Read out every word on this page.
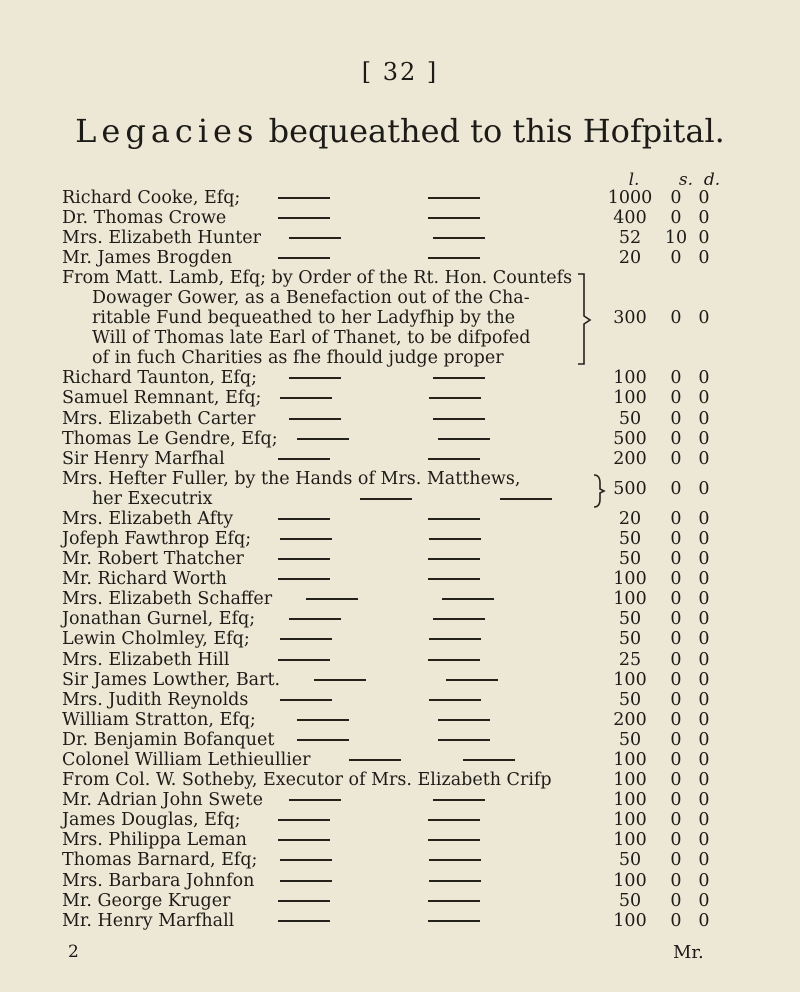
[ 32 ]
Legacies bequeathed to this Hofpital.
l. s. d.
Richard Cooke, Efq;	1000	0 0
Dr. Thomas Crowe	400	0 0
Mrs. Elizabeth Hunter	52	10 0
Mr. James Brogden	20	0 0
From Matt. Lamb, Efq; by Order of the Rt. Hon. Countefs
Dowager Gower, as a Benefaction out of the Cha-
ritable Fund bequeathed to her Ladyfhip by the	300	0 0
Will of Thomas late Earl of Thanet, to be difpofed
of in fuch Charities as fhe fhould judge proper
Richard Taunton, Efq;	100	0 0
Samuel Remnant, Efq;	100	0 0
Mrs. Elizabeth Carter	50	0 0
Thomas Le Gendre, Efq;	500	0 0
Sir Henry Marfhal	200	0 0
Mrs. Hefter Fuller, by the Hands of Mrs. Matthews,
her Executrix	500	0 0
Mrs. Elizabeth Afty	20	0 0
Jofeph Fawthrop Efq;	50	0 0
Mr. Robert Thatcher	50	0 0
Mr. Richard Worth	100	0 0
Mrs. Elizabeth Schaffer	100	0 0
Jonathan Gurnel, Efq;	50	0 0
Lewin Cholmley, Efq;	50	0 0
Mrs. Elizabeth Hill	25	0 0
Sir James Lowther, Bart.	100	0 0
Mrs. Judith Reynolds	50	0 0
William Stratton, Efq;	200	0 0
Dr. Benjamin Bofanquet	50	0 0
Colonel William Lethieullier	100	0 0
From Col. W. Sotheby, Executor of Mrs. Elizabeth Crifp	100	0 0
Mr. Adrian John Swete	100	0 0
James Douglas, Efq;	100	0 0
Mrs. Philippa Leman	100	0 0
Thomas Barnard, Efq;	50	0 0
Mrs. Barbara Johnfon	100	0 0
Mr. George Kruger	50	0 0
Mr. Henry Marfhall	100	0 0
2	Mr.
